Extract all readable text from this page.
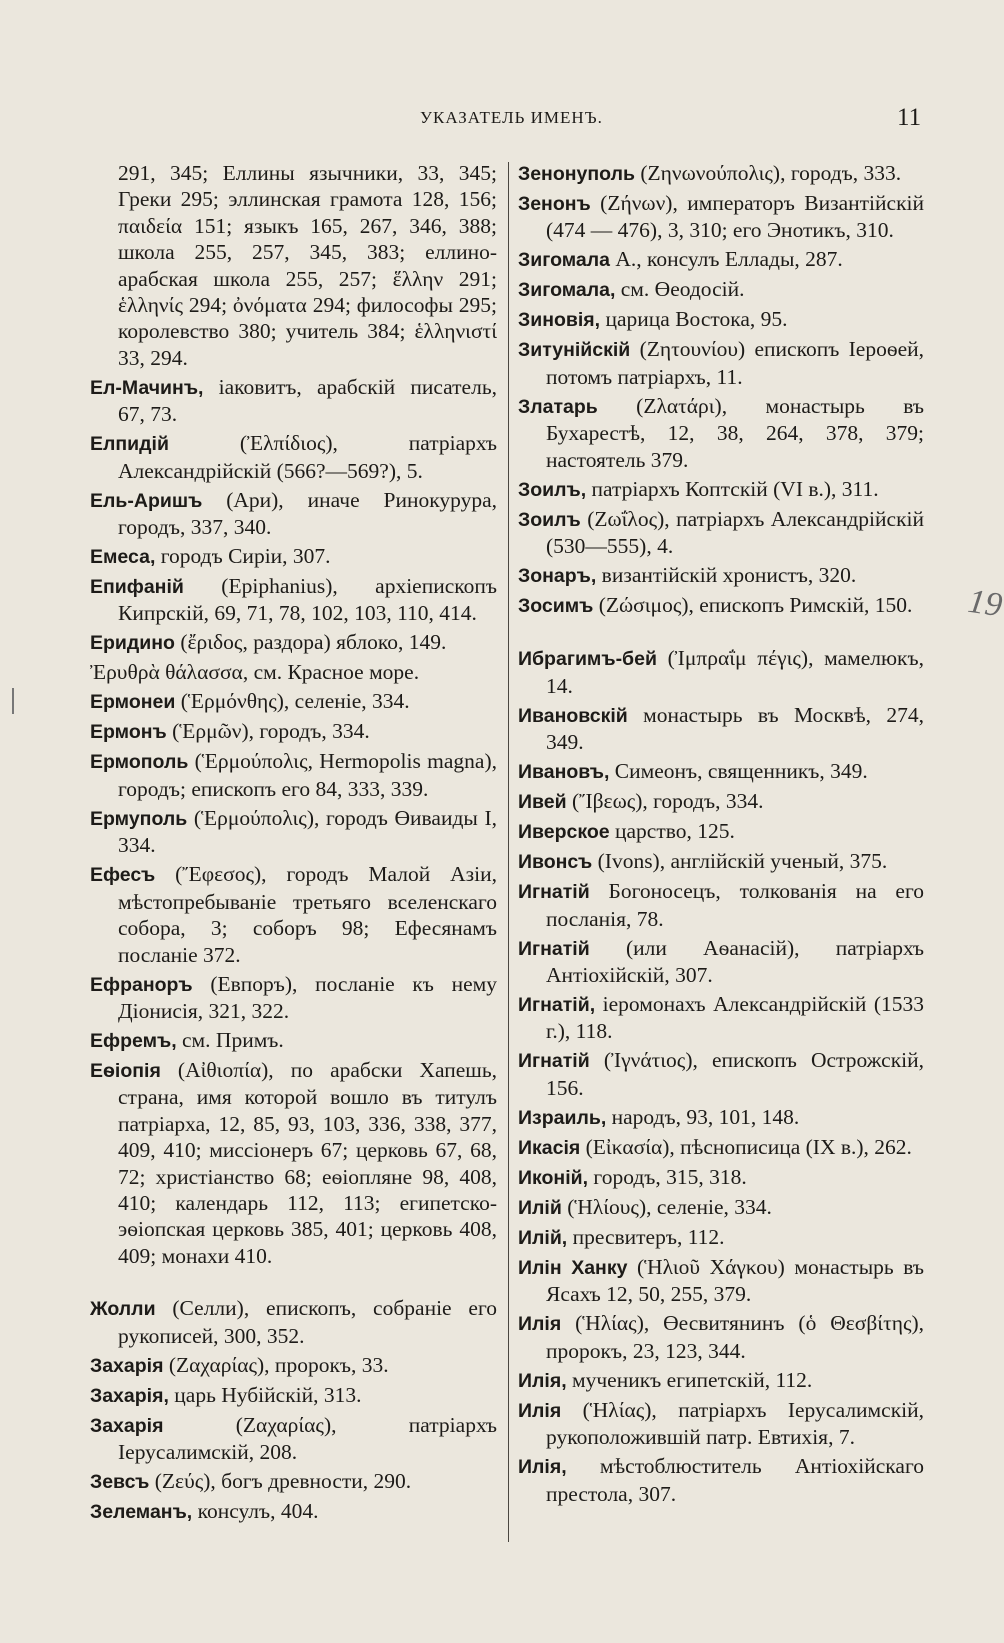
УКАЗАТЕЛЬ ИМЕНЪ.	11
291, 345; Еллины язычники, 33, 345; Греки 295; эллинская грамота 128, 156; παιδεία 151; языкъ 165, 267, 346, 388; школа 255, 257, 345, 383; еллино-арабская школа 255, 257; ἕλλην 291; ἑλληνίς 294; ὀνόματα 294; философы 295; королевство 380; учитель 384; ἑλληνιστί 33, 294.
Ел-Мачинъ, іаковитъ, арабскій писатель, 67, 73.
Елпидій (Ἐλπίδιος), патріархъ Александрійскій (566?—569?), 5.
Ель-Аришъ (Ари), иначе Ринокурура, городъ, 337, 340.
Емеса, городъ Сиріи, 307.
Епифаній (Epiphanius), архіепископъ Кипрскій, 69, 71, 78, 102, 103, 110, 414.
Еридино (ἔριδος, раздора) яблоко, 149.
Ἐρυθρὰ θάλασσα, см. Красное море.
Ермонеи (Ἑρμόνθης), селеніе, 334.
Ермонъ (Ἑρμῶν), городъ, 334.
Ермополь (Ἑρμούπολις, Hermopolis magna), городъ; епископъ его 84, 333, 339.
Ермуполь (Ἑρμούπολις), городъ Өиваиды I, 334.
Ефесъ (Ἔφεσος), городъ Малой Азіи, мѣстопребываніе третьяго вселенскаго собора, 3; соборъ 98; Ефесянамъ посланіе 372.
Ефраноръ (Евпоръ), посланіе къ нему Діонисія, 321, 322.
Ефремъ, см. Примъ.
Еѳіопія (Αἰθιοπία), по арабски Хапешь, страна, имя которой вошло въ титулъ патріарха, 12, 85, 93, 103, 336, 338, 377, 409, 410; миссіонеръ 67; церковь 67, 68, 72; христіанство 68; еѳіопляне 98, 408, 410; календарь 112, 113; египетско-эѳіопская церковь 385, 401; церковь 408, 409; монахи 410.
Жолли (Селли), епископъ, собраніе его рукописей, 300, 352.
Захарія (Ζαχαρίας), пророкъ, 33.
Захарія, царь Нубійскій, 313.
Захарія (Ζαχαρίας), патріархъ Іерусалимскій, 208.
Зевсъ (Ζεύς), богъ древности, 290.
Зелеманъ, консулъ, 404.
Зенонуполь (Ζηνωνούπολις), городъ, 333.
Зенонъ (Ζήνων), императоръ Византійскій (474 — 476), 3, 310; его Энотикъ, 310.
Зигомала А., консулъ Еллады, 287.
Зигомала, см. Өеодосій.
Зиновія, царица Востока, 95.
Зитунійскій (Ζητουνίου) епископъ Іероѳей, потомъ патріархъ, 11.
Златарь (Ζλατάρι), монастырь въ Бухарестѣ, 12, 38, 264, 378, 379; настоятель 379.
Зоилъ, патріархъ Коптскій (VI в.), 311.
Зоилъ (Ζωΐλος), патріархъ Александрійскій (530—555), 4.
Зонаръ, византійскій хронистъ, 320.
Зосимъ (Ζώσιμος), епископъ Римскій, 150.
Ибрагимъ-бей (Ἰμπραΐμ πέγις), мамелюкъ, 14.
Ивановскій монастырь въ Москвѣ, 274, 349.
Ивановъ, Симеонъ, священникъ, 349.
Ивей (Ἴβεως), городъ, 334.
Иверское царство, 125.
Ивонсъ (Ivons), англійскій ученый, 375.
Игнатій Богоносецъ, толкованія на его посланія, 78.
Игнатій (или Аѳанасій), патріархъ Антіохійскій, 307.
Игнатій, іеромонахъ Александрійскій (1533 г.), 118.
Игнатій (Ἰγνάτιος), епископъ Острожскій, 156.
Израиль, народъ, 93, 101, 148.
Икасія (Εἰκασία), пѣснописица (IX в.), 262.
Иконій, городъ, 315, 318.
Илій (Ἡλίους), селеніе, 334.
Илій, пресвитеръ, 112.
Илін Ханку (Ἡλιοῦ Χάγκου) монастырь въ Ясахъ 12, 50, 255, 379.
Илія (Ἡλίας), Өесвитянинъ (ὁ Θεσβίτης), пророкъ, 23, 123, 344.
Илія, мученикъ египетскій, 112.
Илія (Ἡλίας), патріархъ Іерусалимскій, рукоположившій патр. Евтихія, 7.
Илія, мѣстоблюститель Антіохійскаго престола, 307.
19
